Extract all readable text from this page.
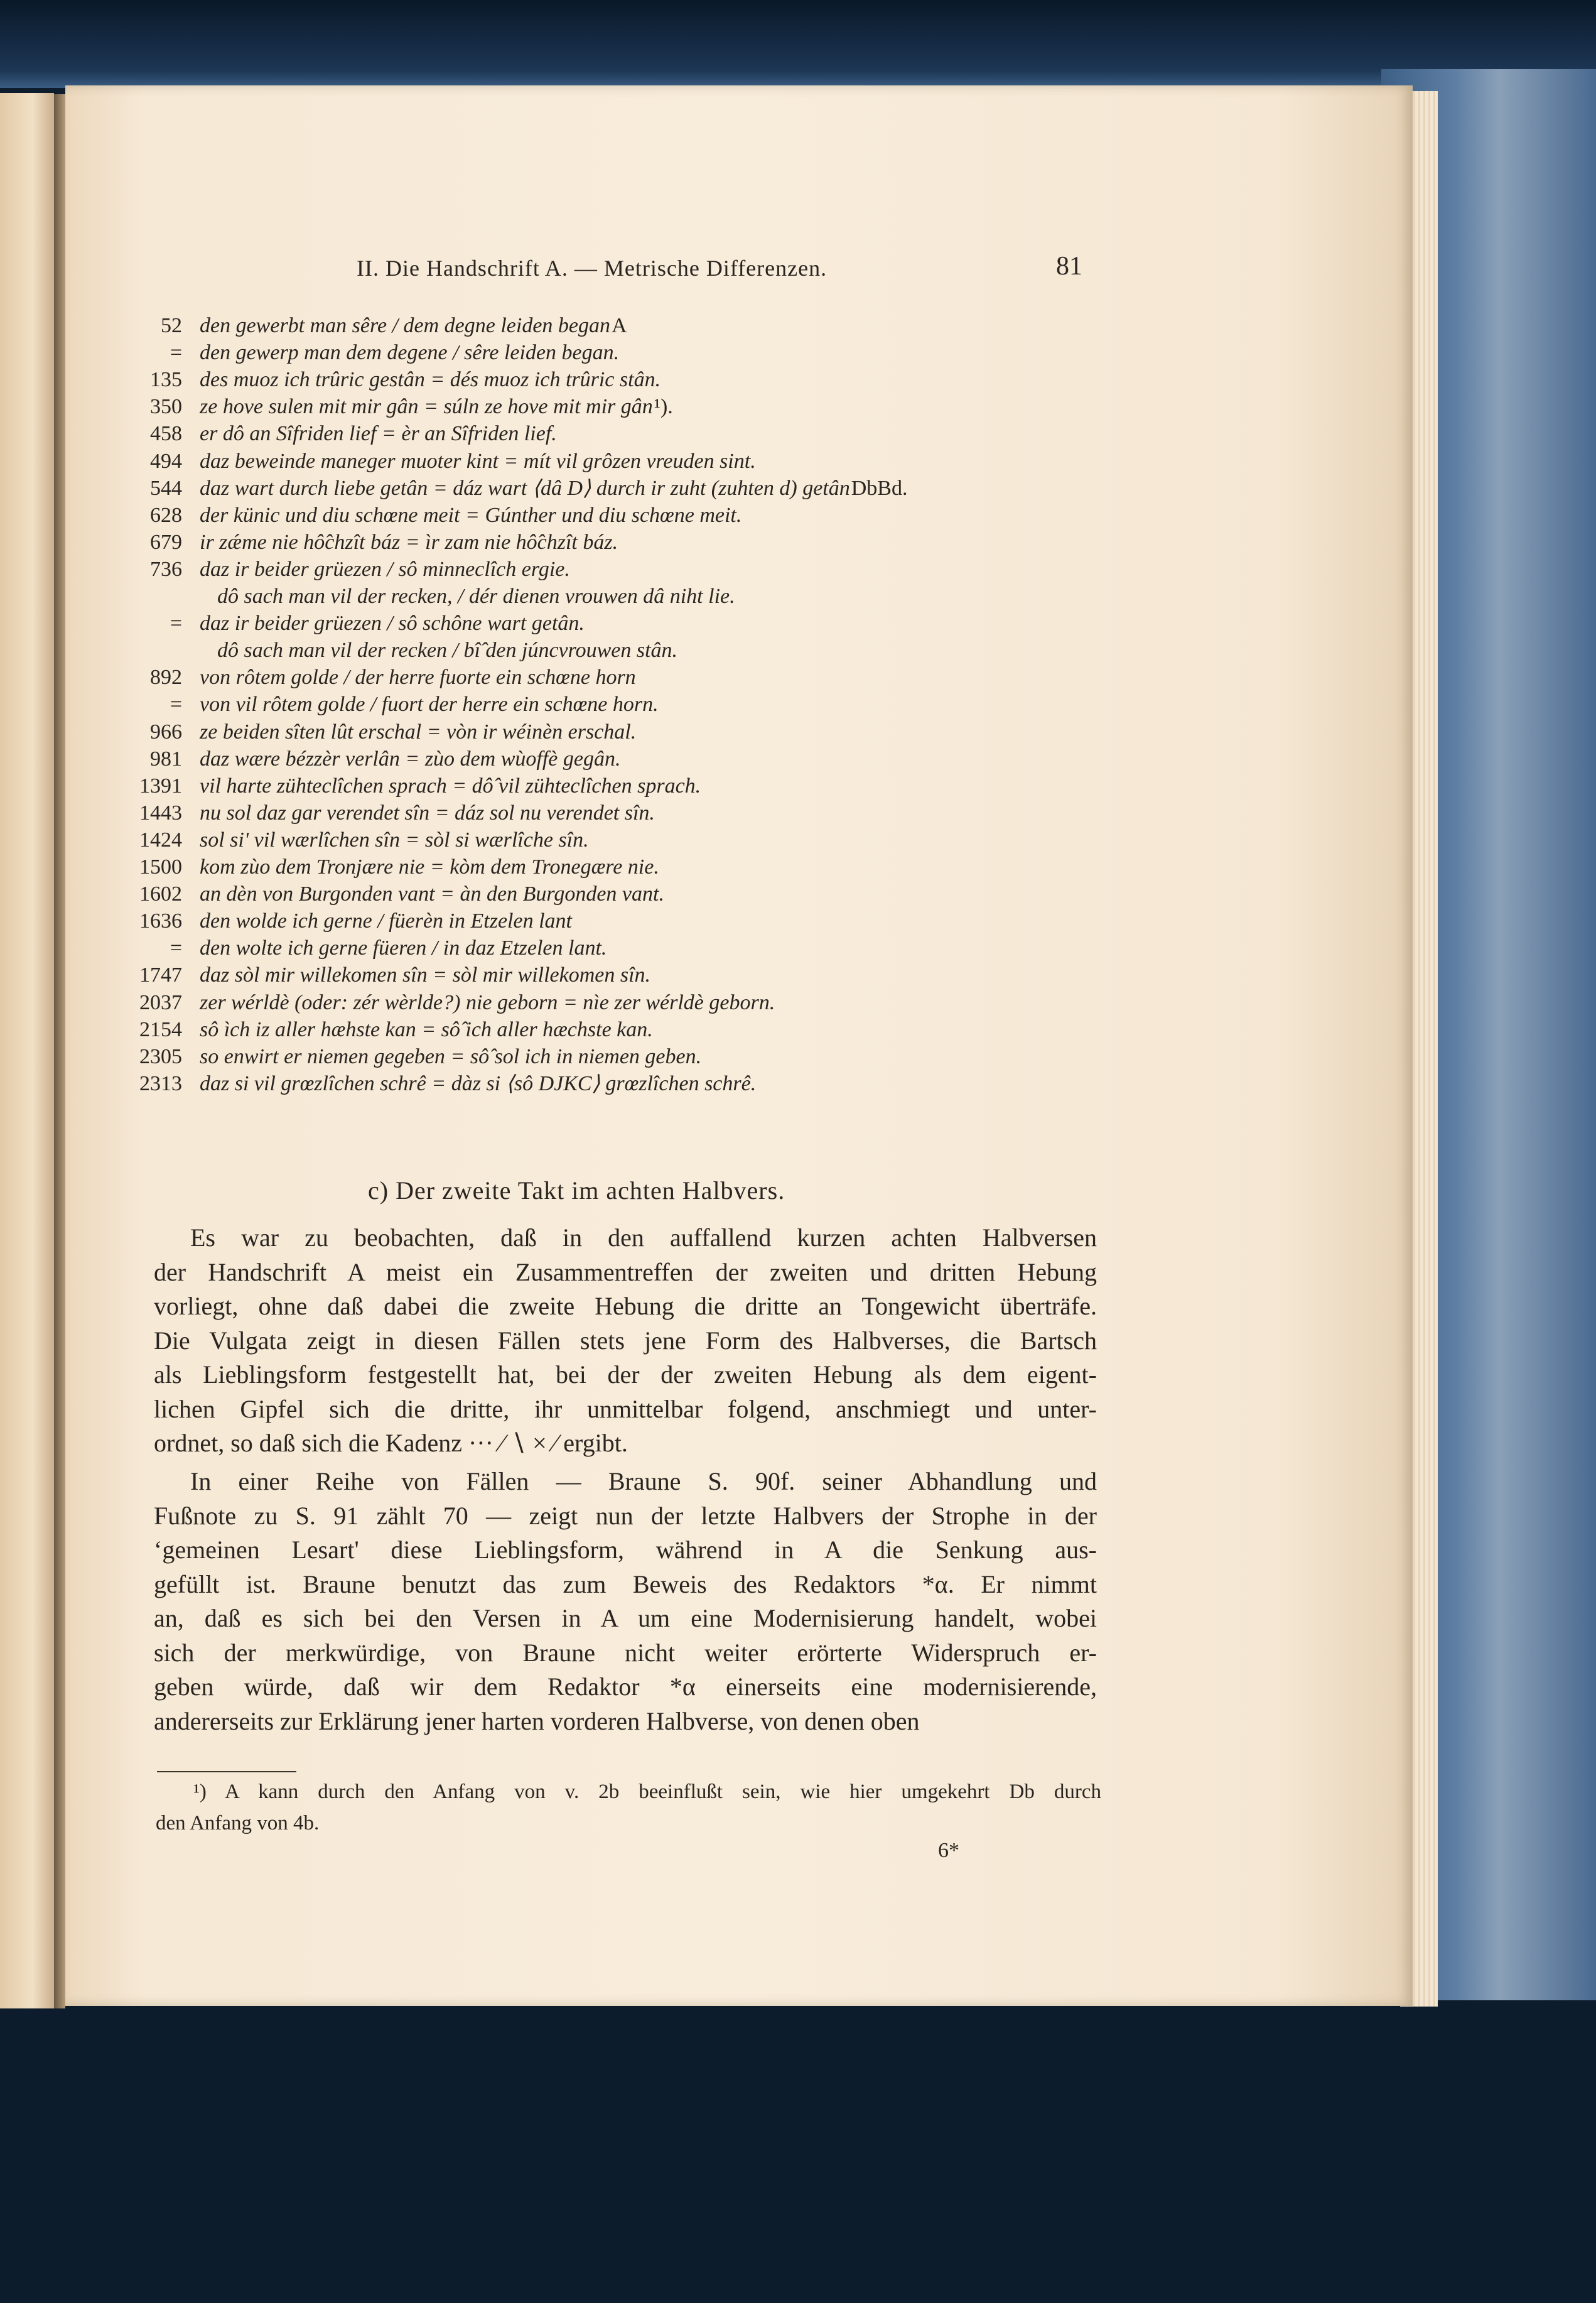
II. Die Handschrift A. — Metrische Differenzen.	81
52 den gewerbt man sêre / dem degne leiden began A
= den gewerp man dem degene / sêre leiden began.
135 des muoz ich trûric gestân = dés muoz ich trûric stân.
350 ze hove sulen mit mir gân = súln ze hove mit mir gân ¹).
458 er dô an Sîfriden lief = èr an Sîfriden lief.
494 daz beweinde maneger muoter kint = mít vil grôzen vreuden sint.
544 daz wart durch liebe getân = dáz wart ⟨dâ D⟩ durch ir zuht (zuhten d) getân DbBd.
628 der künic und diu schœne meit = Gúnther und diu schœne meit.
679 ir zǽme nie hô̂chzît báz = ìr zam nie hô̂chzît báz.
736 daz ir beider grüezen / sô minneclîch ergie.
dô sach man vil der recken, / dér dienen vrouwen dâ niht lie.
= daz ir beider grüezen / sô schône wart getân.
dô sach man vil der recken / bî̂ den júncvrouwen stân.
892 von rôtem golde / der herre fuorte ein schœne horn
= von vil rôtem golde / fuort der herre ein schœne horn.
966 ze beiden sîten lût erschal = vòn ir wéinèn erschal.
981 daz wære bézzèr verlân = zùo dem wùoffè gegân.
1391 vil harte zühteclîchen sprach = dô̂ vil zühteclîchen sprach.
1443 nu sol daz gar verendet sîn = dáz sol nu verendet sîn.
1424 sol si' vil wærlîchen sîn = sòl si wærlîche sîn.
1500 kom zùo dem Tronjære nie = kòm dem Tronegære nie.
1602 an dèn von Burgonden vant = àn den Burgonden vant.
1636 den wolde ich gerne / füerèn in Etzelen lant
= den wolte ich gerne füeren / in daz Etzelen lant.
1747 daz sòl mir willekomen sîn = sòl mir willekomen sîn.
2037 zer wérldè (oder: zér wèrlde?) nie geborn = nìe zer wérldè geborn.
2154 sô ìch iz aller hæhste kan = sô̂ ich aller hæchste kan.
2305 so enwirt er niemen gegeben = sô̂ sol ich in niemen geben.
2313 daz si vil grœzlîchen schrê = dàz si ⟨sô DJKC⟩ grœzlîchen schrê.
c) Der zweite Takt im achten Halbvers.
Es war zu beobachten, daß in den auffallend kurzen achten Halbversen
der Handschrift A meist ein Zusammentreffen der zweiten und dritten Hebung
vorliegt, ohne daß dabei die zweite Hebung die dritte an Tongewicht überträfe.
Die Vulgata zeigt in diesen Fällen stets jene Form des Halbverses, die Bartsch
als Lieblingsform festgestellt hat, bei der der zweiten Hebung als dem eigent-
lichen Gipfel sich die dritte, ihr unmittelbar folgend, anschmiegt und unter-
ordnet, so daß sich die Kadenz ··· ⁄ ∖ × ⁄ ergibt.
In einer Reihe von Fällen — Braune S. 90f. seiner Abhandlung und
Fußnote zu S. 91 zählt 70 — zeigt nun der letzte Halbvers der Strophe in der
ʻgemeinen Lesart' diese Lieblingsform, während in A die Senkung aus-
gefüllt ist. Braune benutzt das zum Beweis des Redaktors *α. Er nimmt
an, daß es sich bei den Versen in A um eine Modernisierung handelt, wobei
sich der merkwürdige, von Braune nicht weiter erörterte Widerspruch er-
geben würde, daß wir dem Redaktor *α einerseits eine modernisierende,
andererseits zur Erklärung jener harten vorderen Halbverse, von denen oben
¹) A kann durch den Anfang von v. 2b beeinflußt sein, wie hier umgekehrt Db durch
den Anfang von 4b.
6*
